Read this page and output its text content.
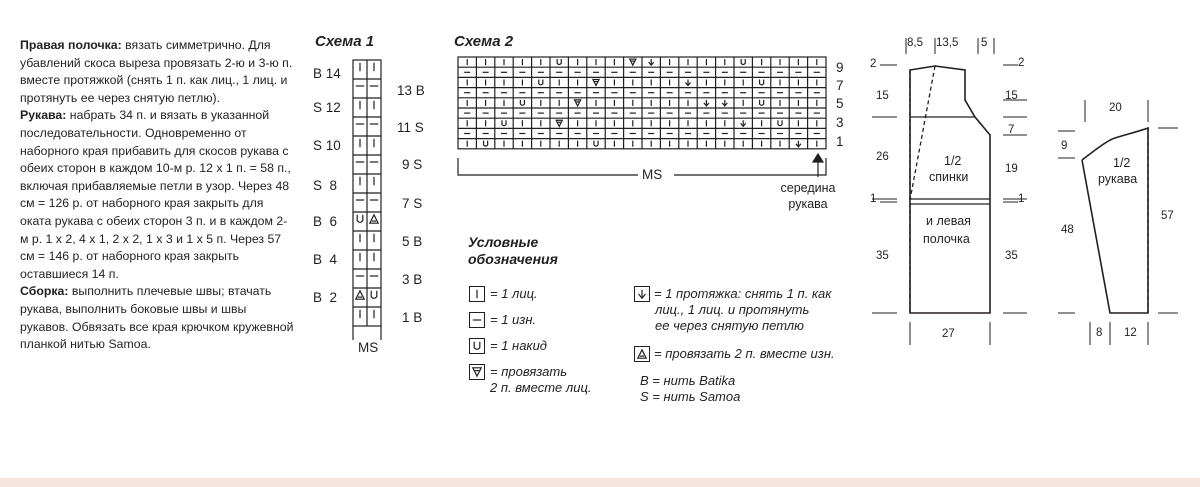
Правая полочка: вязать симметрично. Для убавлений скоса выреза провязать 2-ю и 3-ю п. вместе протяжкой (снять 1 п. как лиц., 1 лиц. и протянуть ее через снятую петлю).

Рукава: набрать 34 п. и вязать в указанной последовательности. Одновременно от наборного края прибавить для скосов рукава с обеих сторон в каждом 10-м р. 12 х 1 п. = 58 п., включая прибавляемые петли в узор. Через 48 см = 126 р. от наборного края закрыть для оката рукава с обеих сторон 3 п. и в каждом 2-м р. 1 х 2, 4 х 1, 2 х 2, 1 х 3 и 1 х 5 п. Через 57 см = 146 р. от наборного края закрыть оставшиеся 14 п.

Сборка: выполнить плечевые швы; втачать рукава, выполнить боковые швы и швы рукавов. Обвязать все края крючком кружевной планкой нитью Samoa.

Схема 1
B 14
S 12
S 10
S  8
B  6
B  4
B  2
13 B
11 S
9 S
7 S
5 B
3 B
1 B
MS
Схема 2
9
7
5
3
1
MS
середина рукава
Условные обозначения
= 1 лиц.
= 1 изн.
= 1 накид
= провязать
2 п. вместе лиц.
= 1 протяжка: снять 1 п. как
лиц., 1 лиц. и протянуть
ее через снятую петлю
= провязать 2 п. вместе изн.
B = нить Batika
S = нить Samoa
8,5 13,5 5
2
15
26
1
35
2
15
7
19
1
35
1/2
спинки
и левая
полочка
27
20
9
48
57
1/2
рукава
8 12
